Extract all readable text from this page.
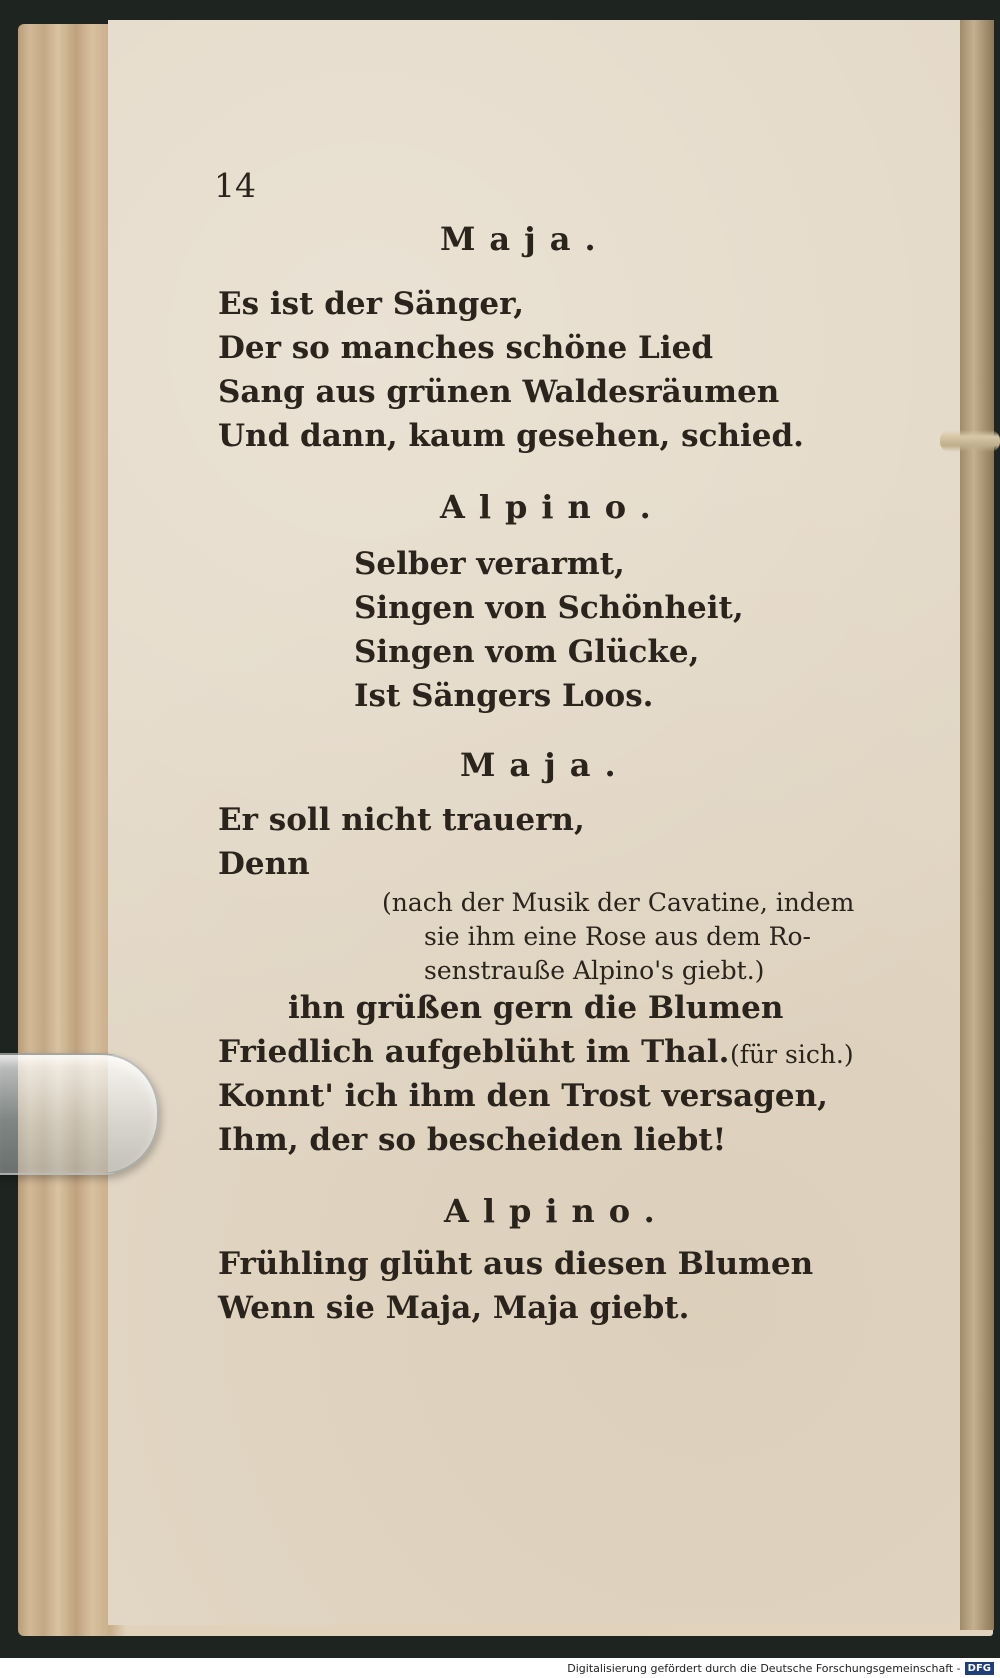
14
Maja.
Es ist der Sänger,
Der so manches schöne Lied
Sang aus grünen Waldesräumen
Und dann, kaum gesehen, schied.
Alpino.
Selber verarmt,
Singen von Schönheit,
Singen vom Glücke,
Ist Sängers Loos.
Maja.
Er soll nicht trauern,
Denn
(nach der Musik der Cavatine, indem
sie ihm eine Rose aus dem Ro-
senstrauße Alpino's giebt.)
ihn grüßen gern die Blumen
Friedlich aufgeblüht im Thal. (für sich.)
Konnt' ich ihm den Trost versagen,
Ihm, der so bescheiden liebt!
Alpino.
Frühling glüht aus diesen Blumen
Wenn sie Maja, Maja giebt.
Digitalisierung gefördert durch die Deutsche Forschungsgemeinschaft - DFG
